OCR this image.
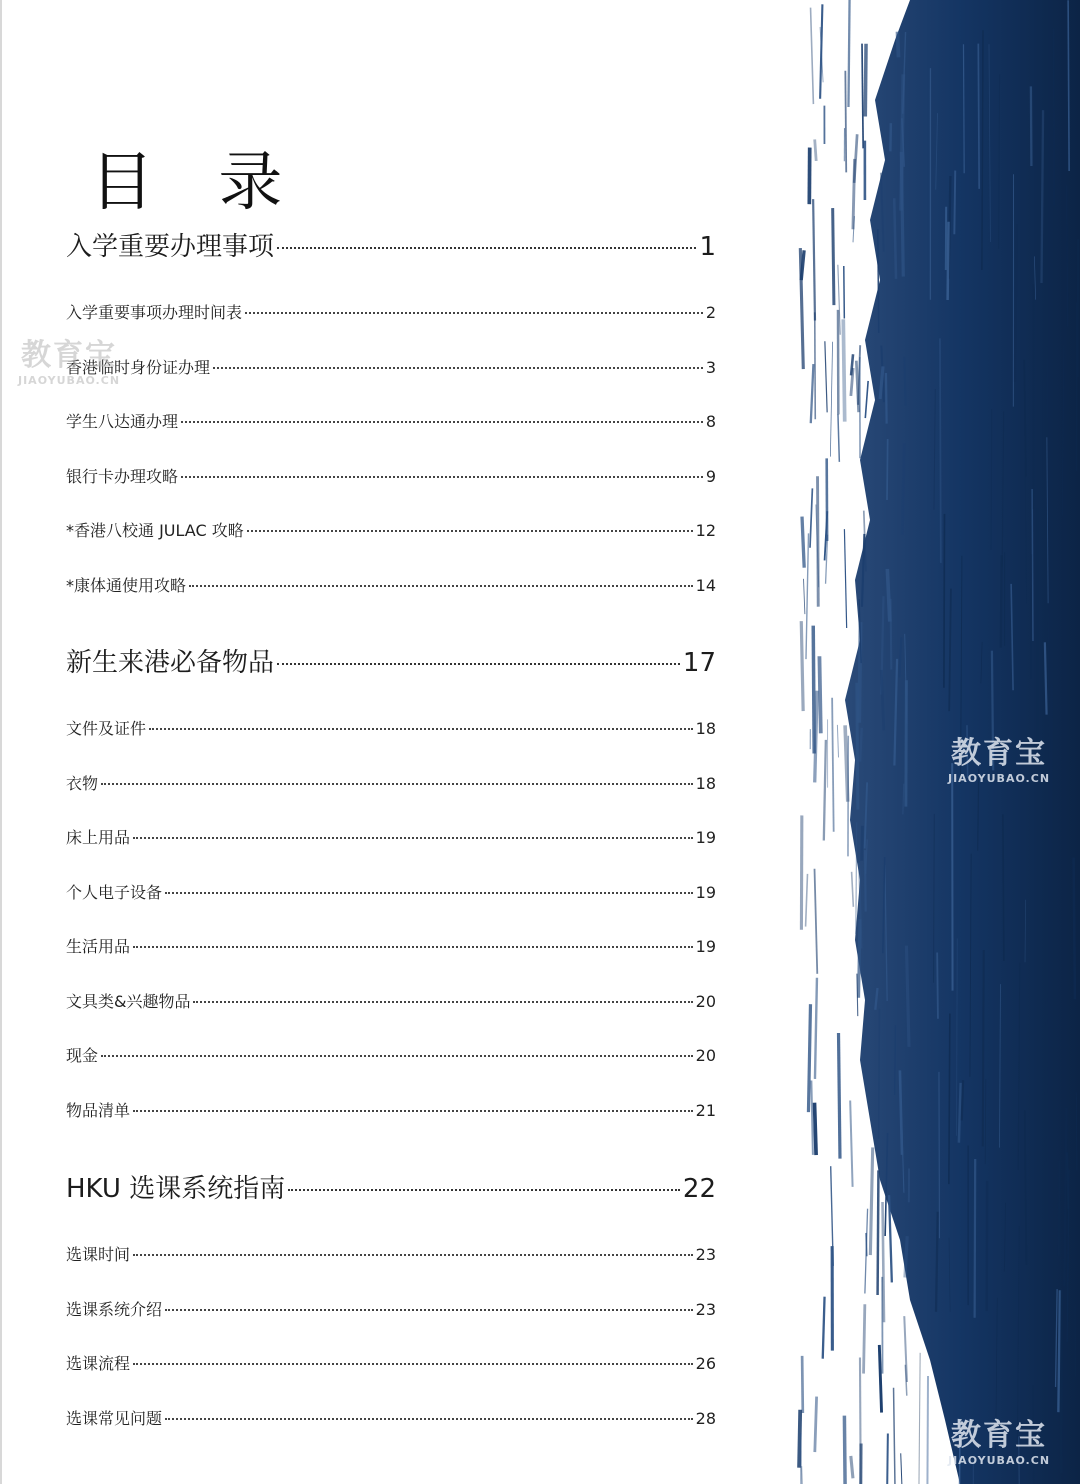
目 录
入学重要办理事项	1
入学重要事项办理时间表	2
香港临时身份证办理	3
学生八达通办理	8
银行卡办理攻略	9
*香港八校通 JULAC 攻略	12
*康体通使用攻略	14
新生来港必备物品	17
文件及证件	18
衣物	18
床上用品	19
个人电子设备	19
生活用品	19
文具类&兴趣物品	20
现金	20
物品清单	21
HKU 选课系统指南	22
选课时间	23
选课系统介绍	23
选课流程	26
选课常见问题	28
教育宝
JIAOYUBAO.CN
教育宝
JIAOYUBAO.CN
教育宝
JIAOYUBAO.CN
